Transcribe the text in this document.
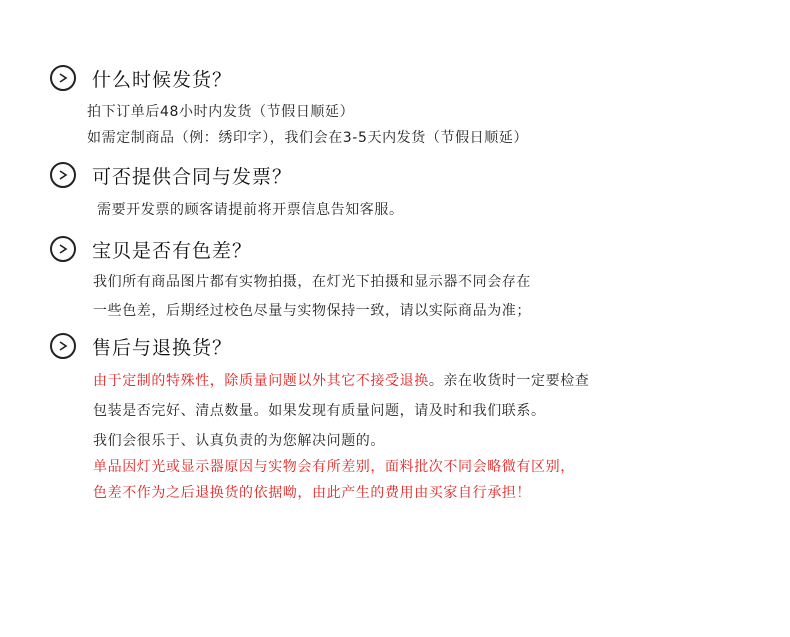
什么时候发货？
拍下订单后48小时内发货（节假日顺延）
如需定制商品（例：绣印字），我们会在3-5天内发货（节假日顺延）
可否提供合同与发票？
需要开发票的顾客请提前将开票信息告知客服。
宝贝是否有色差？
我们所有商品图片都有实物拍摄，在灯光下拍摄和显示器不同会存在
一些色差，后期经过校色尽量与实物保持一致，请以实际商品为准；
售后与退换货？
由于定制的特殊性，除质量问题以外其它不接受退换。亲在收货时一定要检查
包装是否完好、清点数量。如果发现有质量问题，请及时和我们联系。
我们会很乐于、认真负责的为您解决问题的。
单品因灯光或显示器原因与实物会有所差别，面料批次不同会略微有区别，
色差不作为之后退换货的依据呦，由此产生的费用由买家自行承担！
